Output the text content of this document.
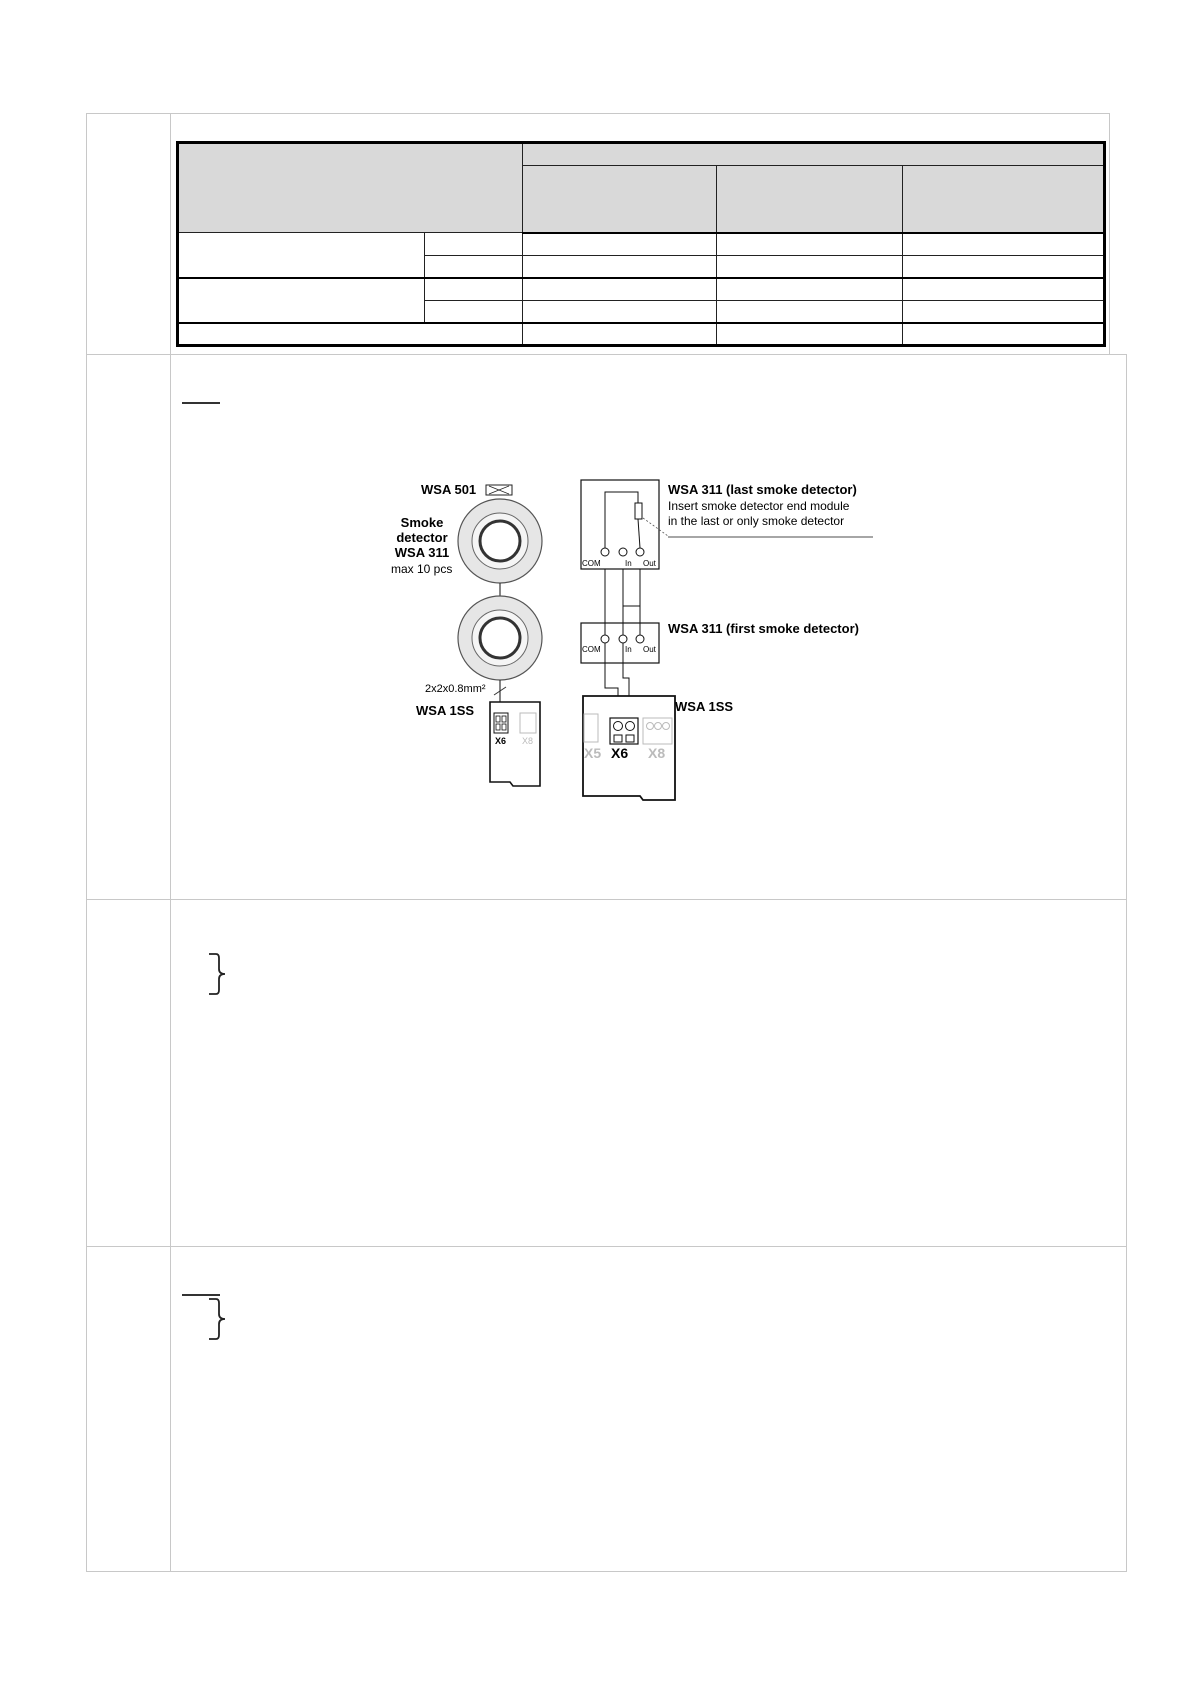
WSA 501
Smoke
detector
WSA 311
max 10 pcs
2x2x0.8mm²
WSA 1SS
X6 X8
COM	In Out
WSA 311 (last smoke detector)
Insert smoke detector end module
in the last or only smoke detector
COM	In Out
WSA 311 (first smoke detector)
WSA 1SS
X5 X6 X8
